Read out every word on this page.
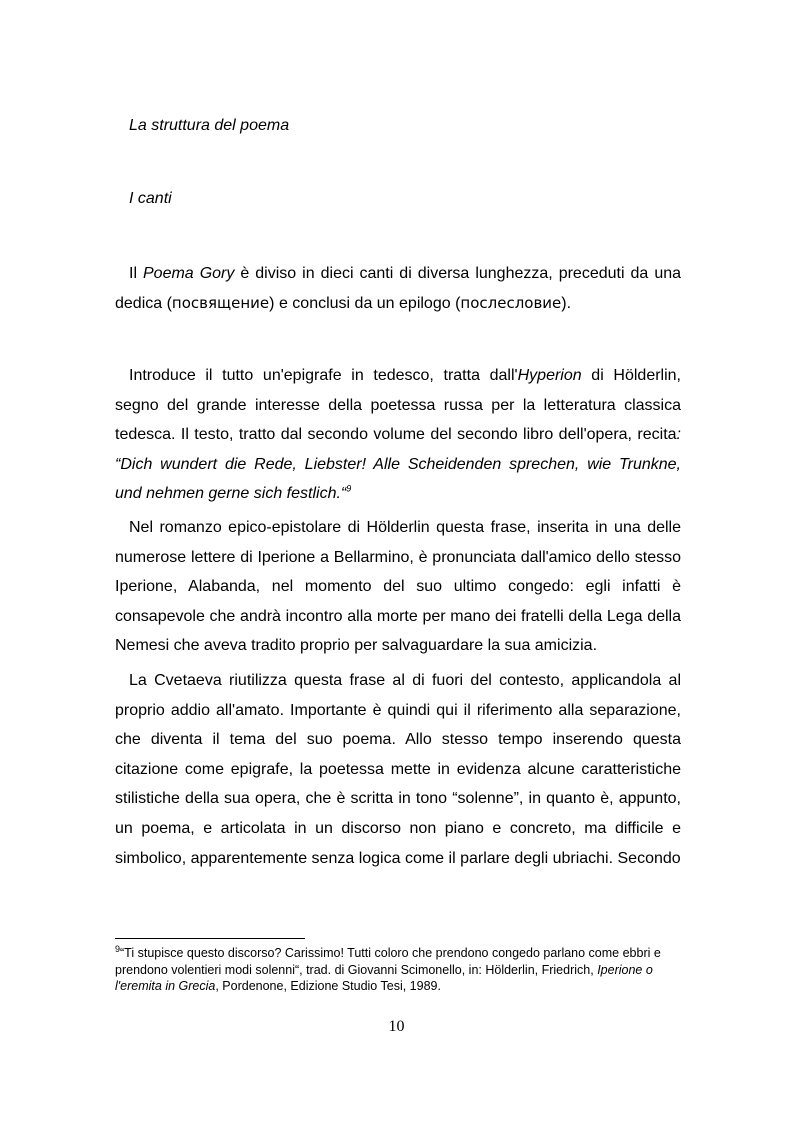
La struttura del poema
I canti

Il Poema Gory è diviso in dieci canti di diversa lunghezza, preceduti da una dedica (посвящение) e conclusi da un epilogo (послесловие).

Introduce il tutto un'epigrafe in tedesco, tratta dall'Hyperion di Hölderlin, segno del grande interesse della poetessa russa per la letteratura classica tedesca. Il testo, tratto dal secondo volume del secondo libro dell'opera, recita: “Dich wundert die Rede, Liebster! Alle Scheidenden sprechen, wie Trunkne, und nehmen gerne sich festlich.“$^9$

Nel romanzo epico-epistolare di Hölderlin questa frase, inserita in una delle numerose lettere di Iperione a Bellarmino, è pronunciata dall'amico dello stesso Iperione, Alabanda, nel momento del suo ultimo congedo: egli infatti è consapevole che andrà incontro alla morte per mano dei fratelli della Lega della Nemesi che aveva tradito proprio per salvaguardare la sua amicizia.

La Cvetaeva riutilizza questa frase al di fuori del contesto, applicandola al proprio addio all'amato. Importante è quindi qui il riferimento alla separazione, che diventa il tema del suo poema. Allo stesso tempo inserendo questa citazione come epigrafe, la poetessa mette in evidenza alcune caratteristiche stilistiche della sua opera, che è scritta in tono “solenne”, in quanto è, appunto, un poema, e articolata in un discorso non piano e concreto, ma difficile e simbolico, apparentemente senza logica come il parlare degli ubriachi. Secondo

$^9$“Ti stupisce questo discorso? Carissimo! Tutti coloro che prendono congedo parlano come ebbri e prendono volentieri modi solenni“, trad. di Giovanni Scimonello, in: Hölderlin, Friedrich, Iperione o l'eremita in Grecia, Pordenone, Edizione Studio Tesi, 1989.

10
